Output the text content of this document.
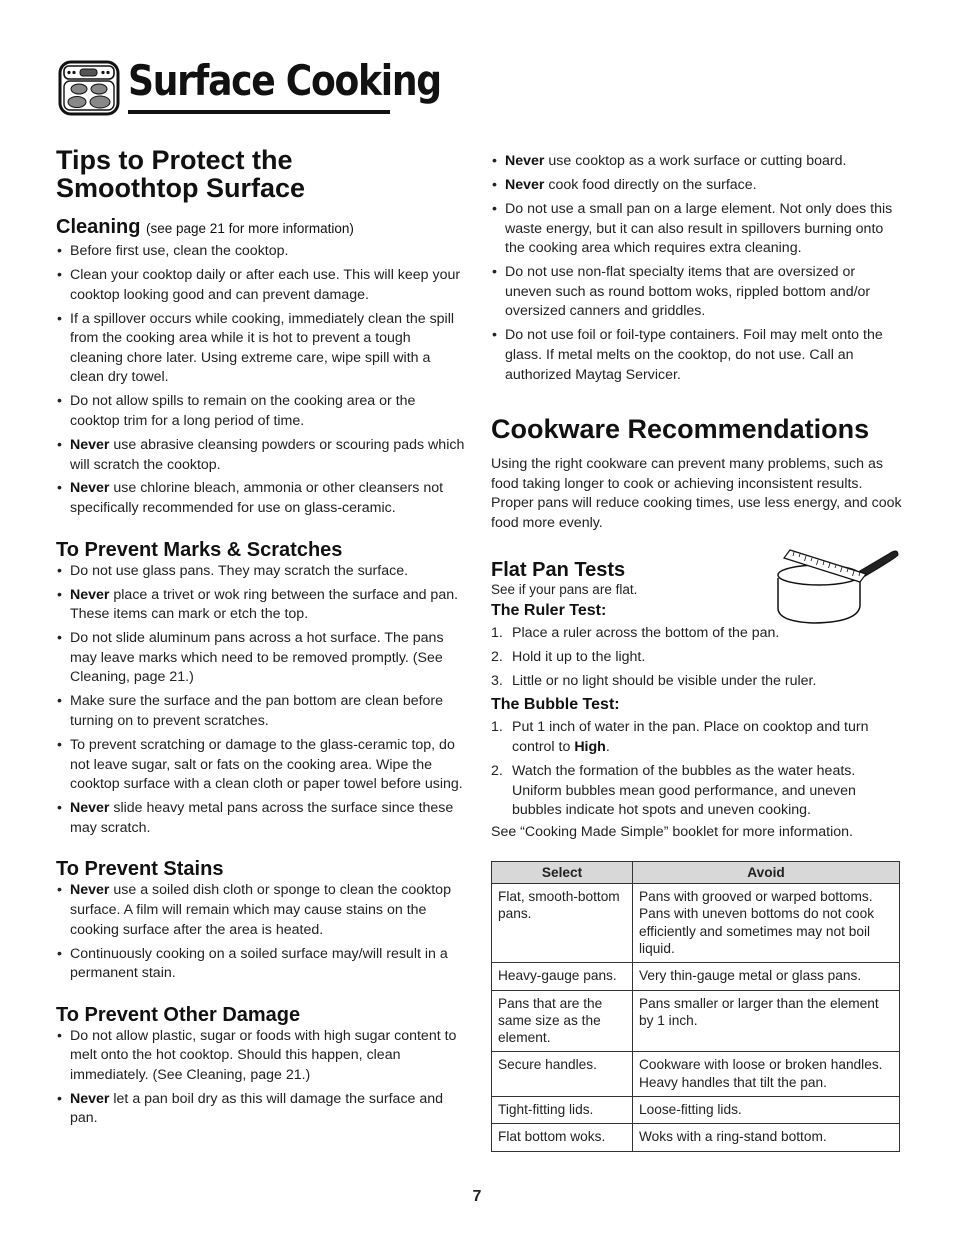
Surface Cooking
Tips to Protect the
Smoothtop Surface
Cleaning (see page 21 for more information)
• Before first use, clean the cooktop.
• Clean your cooktop daily or after each use. This will keep your cooktop looking good and can prevent damage.
• If a spillover occurs while cooking, immediately clean the spill from the cooking area while it is hot to prevent a tough cleaning chore later. Using extreme care, wipe spill with a clean dry towel.
• Do not allow spills to remain on the cooking area or the cooktop trim for a long period of time.
• Never use abrasive cleansing powders or scouring pads which will scratch the cooktop.
• Never use chlorine bleach, ammonia or other cleansers not specifically recommended for use on glass-ceramic.
To Prevent Marks & Scratches
• Do not use glass pans. They may scratch the surface.
• Never place a trivet or wok ring between the surface and pan. These items can mark or etch the top.
• Do not slide aluminum pans across a hot surface. The pans may leave marks which need to be removed promptly. (See Cleaning, page 21.)
• Make sure the surface and the pan bottom are clean before turning on to prevent scratches.
• To prevent scratching or damage to the glass-ceramic top, do not leave sugar, salt or fats on the cooking area. Wipe the cooktop surface with a clean cloth or paper towel before using.
• Never slide heavy metal pans across the surface since these may scratch.
To Prevent Stains
• Never use a soiled dish cloth or sponge to clean the cooktop surface. A film will remain which may cause stains on the cooking surface after the area is heated.
• Continuously cooking on a soiled surface may/will result in a permanent stain.
To Prevent Other Damage
• Do not allow plastic, sugar or foods with high sugar content to melt onto the hot cooktop. Should this happen, clean immediately. (See Cleaning, page 21.)
• Never let a pan boil dry as this will damage the surface and pan.
• Never use cooktop as a work surface or cutting board.
• Never cook food directly on the surface.
• Do not use a small pan on a large element. Not only does this waste energy, but it can also result in spillovers burning onto the cooking area which requires extra cleaning.
• Do not use non-flat specialty items that are oversized or uneven such as round bottom woks, rippled bottom and/or oversized canners and griddles.
• Do not use foil or foil-type containers. Foil may melt onto the glass. If metal melts on the cooktop, do not use. Call an authorized Maytag Servicer.
Cookware Recommendations

Using the right cookware can prevent many problems, such as food taking longer to cook or achieving inconsistent results. Proper pans will reduce cooking times, use less energy, and cook food more evenly.

Flat Pan Tests

See if your pans are flat.

The Ruler Test:
1. Place a ruler across the bottom of the pan.
2. Hold it up to the light.
3. Little or no light should be visible under the ruler.
The Bubble Test:
1. Put 1 inch of water in the pan. Place on cooktop and turn control to High.
2. Watch the formation of the bubbles as the water heats. Uniform bubbles mean good performance, and uneven bubbles indicate hot spots and uneven cooking.

See “Cooking Made Simple” booklet for more information.

Select	Avoid
Flat, smooth-bottom pans.	Pans with grooved or warped bottoms. Pans with uneven bottoms do not cook efficiently and sometimes may not boil liquid.
Heavy-gauge pans.	Very thin-gauge metal or glass pans.
Pans that are the same size as the element.	Pans smaller or larger than the element by 1 inch.
Secure handles.	Cookware with loose or broken handles. Heavy handles that tilt the pan.
Tight-fitting lids.	Loose-fitting lids.
Flat bottom woks.	Woks with a ring-stand bottom.
7
